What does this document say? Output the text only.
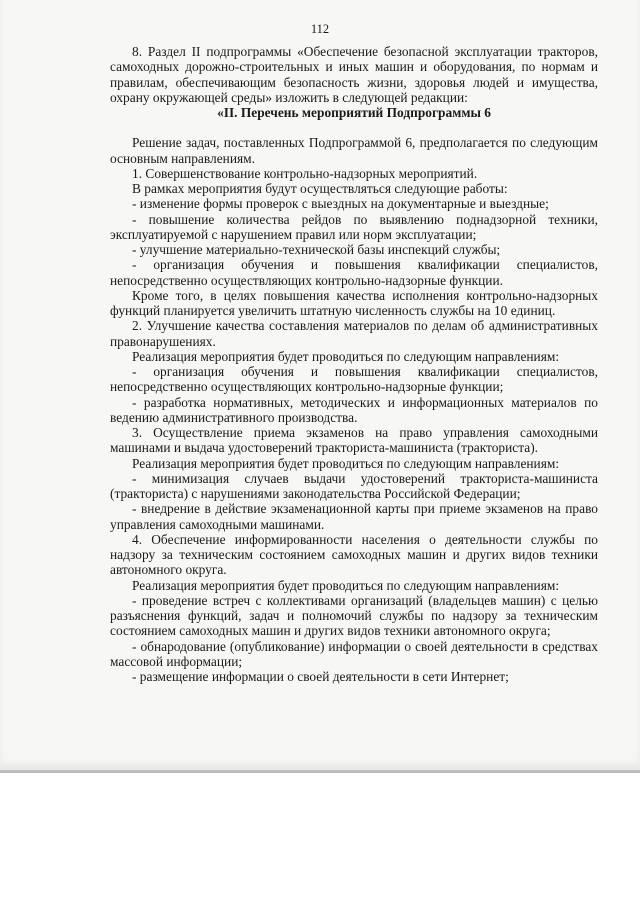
112

8. Раздел II подпрограммы «Обеспечение безопасной эксплуатации тракторов, самоходных дорожно-строительных и иных машин и оборудования, по нормам и правилам, обеспечивающим безопасность жизни, здоровья людей и имущества, охрану окружающей среды» изложить в следующей редакции:

«II. Перечень мероприятий Подпрограммы 6

Решение задач, поставленных Подпрограммой 6, предполагается по следующим основным направлениям.

1. Совершенствование контрольно-надзорных мероприятий.

В рамках мероприятия будут осуществляться следующие работы:

- изменение формы проверок с выездных на документарные и выездные;

- повышение количества рейдов по выявлению поднадзорной техники, эксплуатируемой с нарушением правил или норм эксплуатации;

- улучшение материально-технической базы инспекций службы;

- организация обучения и повышения квалификации специалистов, непосредственно осуществляющих контрольно-надзорные функции.

Кроме того, в целях повышения качества исполнения контрольно-надзорных функций планируется увеличить штатную численность службы на 10 единиц.

2. Улучшение качества составления материалов по делам об административных правонарушениях.

Реализация мероприятия будет проводиться по следующим направлениям:

- организация обучения и повышения квалификации специалистов, непосредственно осуществляющих контрольно-надзорные функции;

- разработка нормативных, методических и информационных материалов по ведению административного производства.

3. Осуществление приема экзаменов на право управления самоходными машинами и выдача удостоверений тракториста-машиниста (тракториста).

Реализация мероприятия будет проводиться по следующим направлениям:

- минимизация случаев выдачи удостоверений тракториста-машиниста (тракториста) с нарушениями законодательства Российской Федерации;

- внедрение в действие экзаменационной карты при приеме экзаменов на право управления самоходными машинами.

4. Обеспечение информированности населения о деятельности службы по надзору за техническим состоянием самоходных машин и других видов техники автономного округа.

Реализация мероприятия будет проводиться по следующим направлениям:

- проведение встреч с коллективами организаций (владельцев машин) с целью разъяснения функций, задач и полномочий службы по надзору за техническим состоянием самоходных машин и других видов техники автономного округа;

- обнародование (опубликование) информации о своей деятельности в средствах массовой информации;

- размещение информации о своей деятельности в сети Интернет;
